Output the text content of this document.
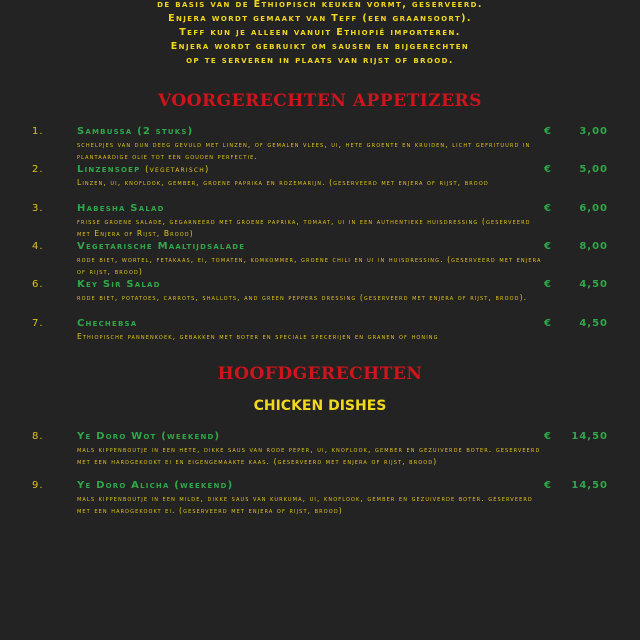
de basis van de Ethiopisch keuken vormt, geserveerd.
Enjera wordt gemaakt van Teff (een graansoort).
Teff kun je alleen vanuit Ethiopië importeren.
Enjera wordt gebruikt om sausen en bijgerechten
op te serveren in plaats van rijst of brood.
VOORGERECHTEN APPETIZERS
1.	Sambussa (2 stuks)
schelpjes van dun deeg gevuld met linzen, of gemalen vlees, ui, hete groente en kruiden, licht gefrituurd in plantaardige olie tot een gouden perfectie.
€	3,00
2.	Linzensoep (vegetarisch)
Linzen, ui, knoflook, gember, groene paprika en rozemarijn. (geserveerd met enjera of rijst, brood
€	5,00
3.	Habesha Salad
frisse groene salade, gegarneerd met groene paprika, tomaat, ui in een authentieke huisdressing (geserveerd met Enjera of Rijst, Brood)
€	6,00
4.	Vegetarische Maaltijdsalade
rode biet, wortel, fetakaas, ei, tomaten, komkommer, groene chili en ui in huisdressing. (geserveerd met enjera of rijst, brood)
€	8,00
6.	Key Sir Salad
rode biet, potatoes, carrots, shallots, and green peppers dressing (geserveerd met enjera of rijst, brood).
€	4,50
7.	Chechebsa
Ethiopische pannenkoek, gebakken met boter en speciale specerijen en granen of honing
€	4,50
HOOFDGERECHTEN
CHICKEN DISHES
8.	Ye Doro Wot (weekend)
mals kippenboutje in een hete, dikke saus van rode peper, ui, knoflook, gember en gezuiverde boter. geserveerd met een hardgekookt ei en eigengemaakte kaas. (geserveerd met enjera of rijst, brood)
€ 14,50
9.	Ye Doro Alicha (weekend)
mals kippenboutje in een milde, dikke saus van kurkuma, ui, knoflook, gember en gezuiverde boter. geserveerd met een hardgekookt ei. (geserveerd met enjera of rijst, brood)
€ 14,50
